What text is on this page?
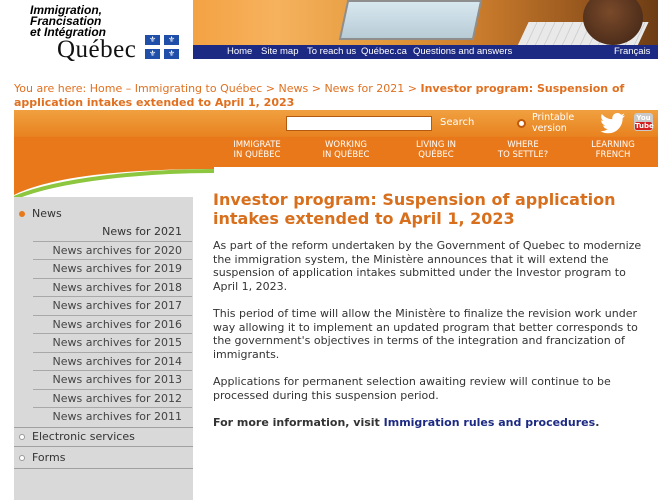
Immigration,
Francisation
et Intégration
Québec ⚜ ⚜
⚜ ⚜	Home Site map To reach us Québec.ca Questions and answers	Français
You are here: Home – Immigrating to Québec > News > News for 2021 > Investor program: Suspension of application intakes extended to April 1, 2023
Search	Printable version
You
Tube
IMMIGRATE
IN QUÉBEC
WORKING
IN QUÉBEC
LIVING IN
QUÉBEC
WHERE
TO SETTLE?
LEARNING
FRENCH
News
News for 2021
News archives for 2020
News archives for 2019
News archives for 2018
News archives for 2017
News archives for 2016
News archives for 2015
News archives for 2014
News archives for 2013
News archives for 2012
News archives for 2011
Electronic services
Forms
Investor program: Suspension of application intakes extended to April 1, 2023

As part of the reform undertaken by the Government of Quebec to modernize the immigration system, the Ministère announces that it will extend the suspension of application intakes submitted under the Investor program to April 1, 2023.

This period of time will allow the Ministère to finalize the revision work under way allowing it to implement an updated program that better corresponds to the government's objectives in terms of the integration and francization of immigrants.

Applications for permanent selection awaiting review will continue to be processed during this suspension period.

For more information, visit Immigration rules and procedures.
